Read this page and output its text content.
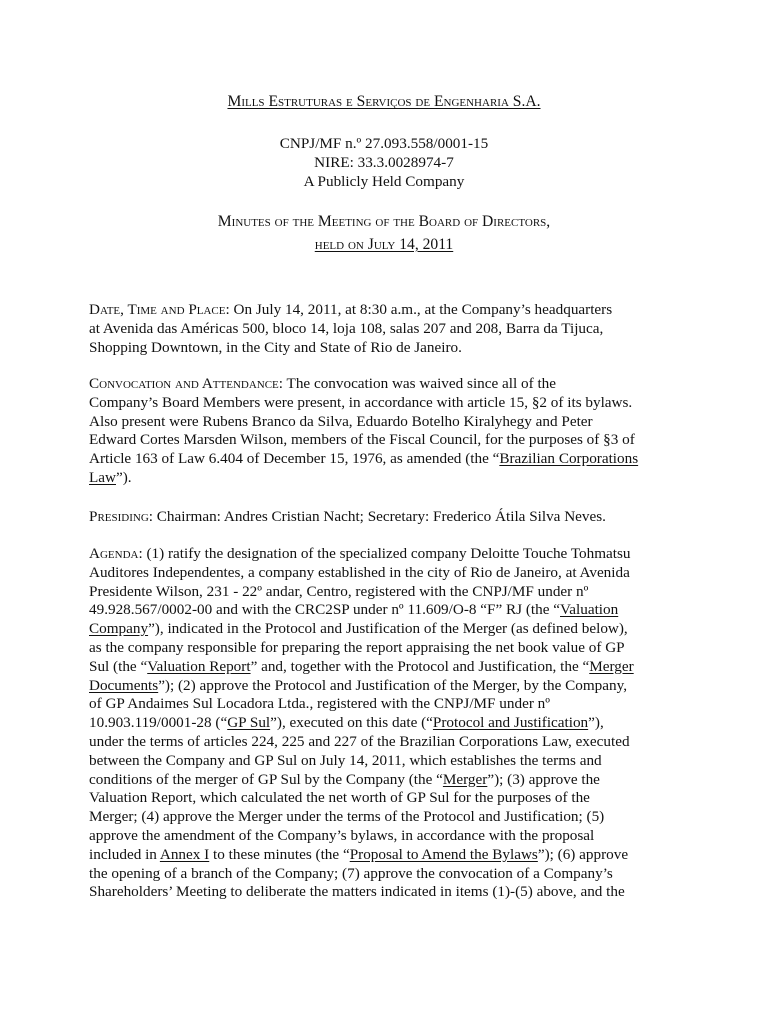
Mills Estruturas e Serviços de Engenharia S.A.
CNPJ/MF n.º 27.093.558/0001-15
NIRE: 33.3.0028974-7
A Publicly Held Company
Minutes of the Meeting of the Board of Directors,
held on July 14, 2011
Date, Time and Place: On July 14, 2011, at 8:30 a.m., at the Company’s headquarters
at Avenida das Américas 500, bloco 14, loja 108, salas 207 and 208, Barra da Tijuca,
Shopping Downtown, in the City and State of Rio de Janeiro.
Convocation and Attendance: The convocation was waived since all of the
Company’s Board Members were present, in accordance with article 15, §2 of its bylaws.
Also present were Rubens Branco da Silva, Eduardo Botelho Kiralyhegy and Peter
Edward Cortes Marsden Wilson, members of the Fiscal Council, for the purposes of §3 of
Article 163 of Law 6.404 of December 15, 1976, as amended (the “Brazilian Corporations
Law”).
Presiding: Chairman: Andres Cristian Nacht; Secretary: Frederico Átila Silva Neves.
Agenda: (1) ratify the designation of the specialized company Deloitte Touche Tohmatsu
Auditores Independentes, a company established in the city of Rio de Janeiro, at Avenida
Presidente Wilson, 231 - 22º andar, Centro, registered with the CNPJ/MF under nº
49.928.567/0002-00 and with the CRC2SP under nº 11.609/O-8 “F” RJ (the “Valuation
Company”), indicated in the Protocol and Justification of the Merger (as defined below),
as the company responsible for preparing the report appraising the net book value of GP
Sul (the “Valuation Report” and, together with the Protocol and Justification, the “Merger
Documents”); (2) approve the Protocol and Justification of the Merger, by the Company,
of GP Andaimes Sul Locadora Ltda., registered with the CNPJ/MF under nº
10.903.119/0001-28 (“GP Sul”), executed on this date (“Protocol and Justification”),
under the terms of articles 224, 225 and 227 of the Brazilian Corporations Law, executed
between the Company and GP Sul on July 14, 2011, which establishes the terms and
conditions of the merger of GP Sul by the Company (the “Merger”); (3) approve the
Valuation Report, which calculated the net worth of GP Sul for the purposes of the
Merger; (4) approve the Merger under the terms of the Protocol and Justification; (5)
approve the amendment of the Company’s bylaws, in accordance with the proposal
included in Annex I to these minutes (the “Proposal to Amend the Bylaws”); (6) approve
the opening of a branch of the Company; (7) approve the convocation of a Company’s
Shareholders’ Meeting to deliberate the matters indicated in items (1)-(5) above, and the
